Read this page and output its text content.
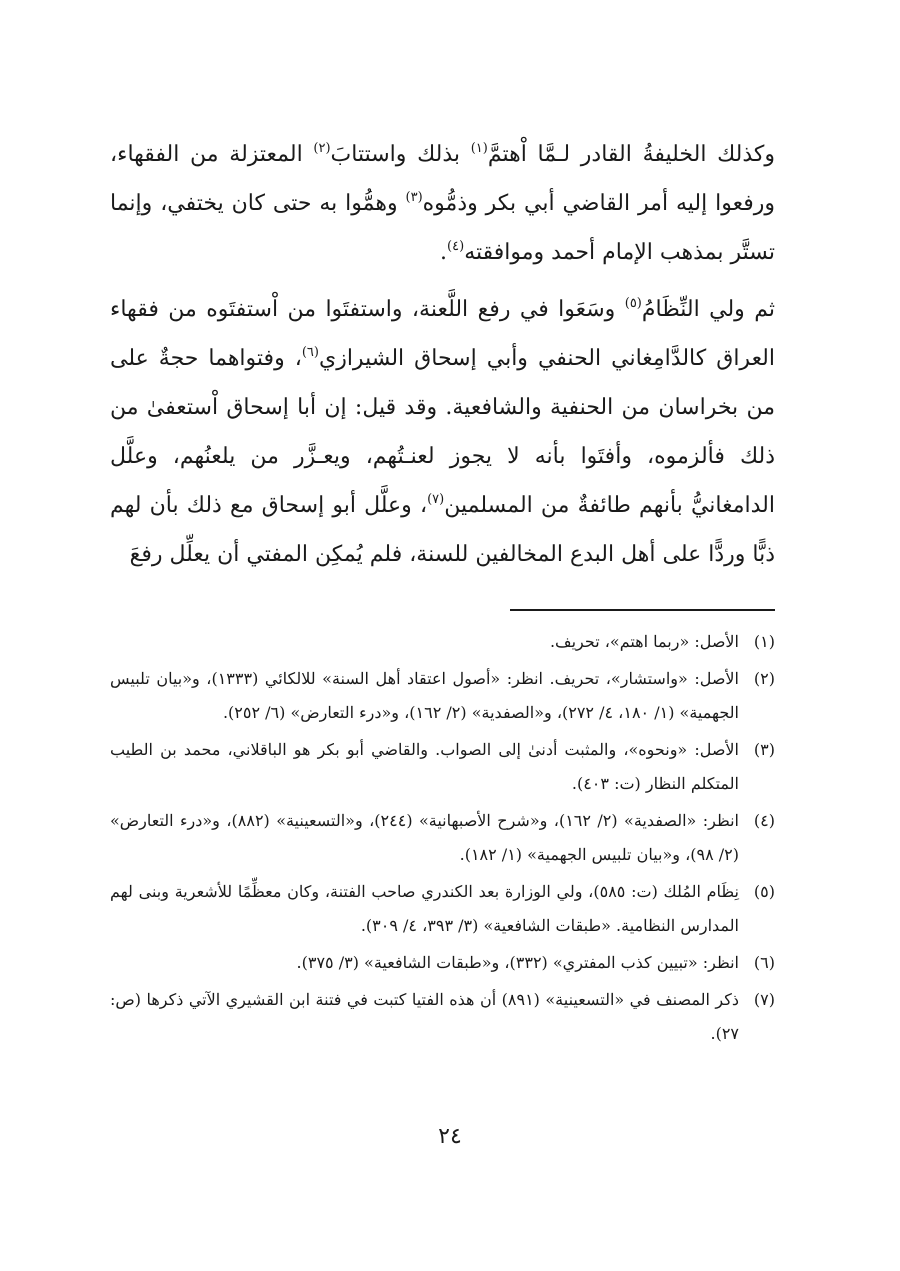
وكذلك الخليفةُ القادر لـمَّا اْهتمَّ$^{(١)}$ بذلك واستتابَ$^{(٢)}$ المعتزلة من الفقهاء، ورفعوا إليه أمر القاضي أبي بكر وذمُّوه$^{(٣)}$ وهمُّوا به حتى كان يختفي، وإنما تستَّر بمذهب الإمام أحمد وموافقته$^{(٤)}$.

ثم ولي النِّظَامُ$^{(٥)}$ وسَعَوا في رفع اللَّعنة، واستفتَوا من اْستفتَوه من فقهاء العراق كالدَّامِغاني الحنفي وأبي إسحاق الشيرازي$^{(٦)}$، وفتواهما حجةٌ على من بخراسان من الحنفية والشافعية. وقد قيل: إن أبا إسحاق اْستعفىٰ من ذلك فألزموه، وأفتَوا بأنه لا يجوز لعنـتُهم، ويعـزَّر من يلعنُهم، وعلَّل الدامغانيُّ بأنهم طائفةٌ من المسلمين$^{(٧)}$، وعلَّل أبو إسحاق مع ذلك بأن لهم ذبًّا وردًّا على أهل البدع المخالفين للسنة، فلم يُمكِن المفتي أن يعلِّل رفعَ

(١)
الأصل: «ربما اهتم»، تحريف.
(٢)
الأصل: «واستشار»، تحريف. انظر: «أصول اعتقاد أهل السنة» للالكائي (١٣٣٣)، و«بيان تلبيس الجهمية» (١/ ١٨٠، ٤/ ٢٧٢)، و«الصفدية» (٢/ ١٦٢)، و«درء التعارض» (٦/ ٢٥٢).
(٣)
الأصل: «ونحوه»، والمثبت أدنىٰ إلى الصواب. والقاضي أبو بكر هو الباقلاني، محمد بن الطيب المتكلم النظار (ت: ٤٠٣).
(٤)
انظر: «الصفدية» (٢/ ١٦٢)، و«شرح الأصبهانية» (٢٤٤)، و«التسعينية» (٨٨٢)، و«درء التعارض» (٢/ ٩٨)، و«بيان تلبيس الجهمية» (١/ ١٨٢).
(٥)
نِظَام المُلك (ت: ٥٨٥)، ولي الوزارة بعد الكندري صاحب الفتنة، وكان معظِّمًا للأشعرية وبنى لهم المدارس النظامية. «طبقات الشافعية» (٣/ ٣٩٣، ٤/ ٣٠٩).
(٦)
انظر: «تبيين كذب المفتري» (٣٣٢)، و«طبقات الشافعية» (٣/ ٣٧٥).
(٧)
ذكر المصنف في «التسعينية» (٨٩١) أن هذه الفتيا كتبت في فتنة ابن القشيري الآتي ذكرها (ص: ٢٧).
٢٤
